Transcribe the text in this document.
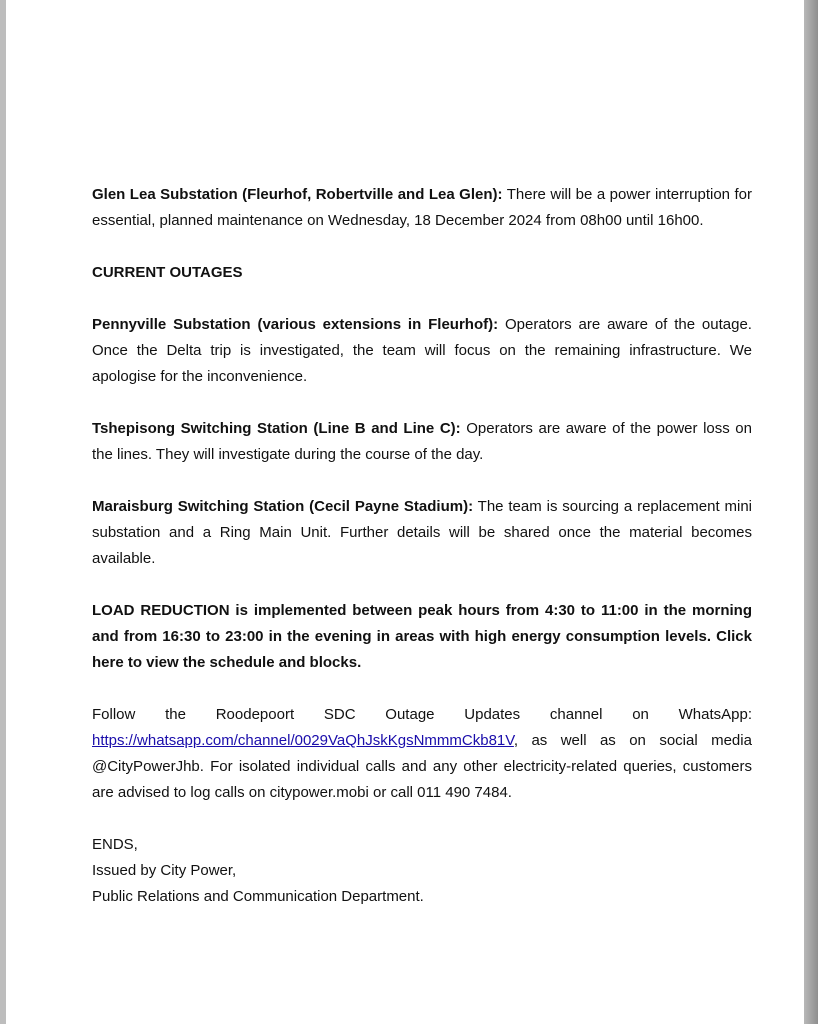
Glen Lea Substation (Fleurhof, Robertville and Lea Glen): There will be a power interruption for essential, planned maintenance on Wednesday, 18 December 2024 from 08h00 until 16h00.

CURRENT OUTAGES

Pennyville Substation (various extensions in Fleurhof): Operators are aware of the outage. Once the Delta trip is investigated, the team will focus on the remaining infrastructure. We apologise for the inconvenience.

Tshepisong Switching Station (Line B and Line C): Operators are aware of the power loss on the lines. They will investigate during the course of the day.

Maraisburg Switching Station (Cecil Payne Stadium): The team is sourcing a replacement mini substation and a Ring Main Unit. Further details will be shared once the material becomes available.

LOAD REDUCTION is implemented between peak hours from 4:30 to 11:00 in the morning and from 16:30 to 23:00 in the evening in areas with high energy consumption levels. Click here to view the schedule and blocks.

Follow the Roodepoort SDC Outage Updates channel on WhatsApp:
https://whatsapp.com/channel/0029VaQhJskKgsNmmmCkb81V, as well as on social media
@CityPowerJhb. For isolated individual calls and any other electricity-related queries, customers are advised to log calls on citypower.mobi or call 011 490 7484.

ENDS,

Issued by City Power,

Public Relations and Communication Department.
